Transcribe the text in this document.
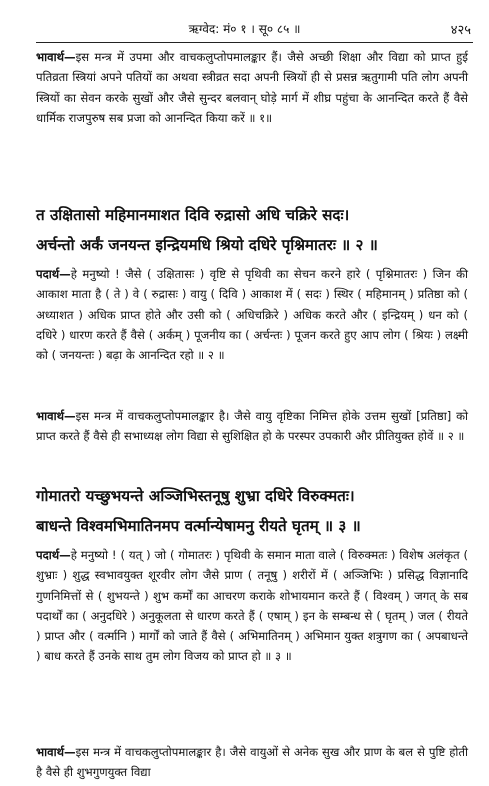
ऋग्वेद: मं० १ । सू० ८५ ॥	४२५
भावार्थ—इस मन्त्र में उपमा और वाचकलुप्तोपमालङ्कार हैं। जैसे अच्छी शिक्षा और विद्या को प्राप्त हुई पतिव्रता स्त्रियां अपने पतियों का अथवा स्त्रीव्रत सदा अपनी स्त्रियों ही से प्रसन्न ऋतुगामी पति लोग अपनी स्त्रियों का सेवन करके सुखों और जैसे सुन्दर बलवान् घोड़े मार्ग में शीघ्र पहुंचा के आनन्दित करते हैं वैसे धार्मिक राजपुरुष सब प्रजा को आनन्दित किया करें ॥ १॥
त उक्षितासो महिमानमाशत दिवि रुद्रासो अधि चक्रिरे सदः।
अर्चन्तो अर्कं जनयन्त इन्द्रियमधि श्रियो दधिरे पृश्निमातरः ॥ २ ॥
पदार्थ—हे मनुष्यो ! जैसे ( उक्षितासः ) वृष्टि से पृथिवी का सेचन करने हारे ( पृश्निमातरः ) जिन की आकाश माता है ( ते ) वे ( रुद्रासः ) वायु ( दिवि ) आकाश में ( सदः ) स्थिर ( महिमानम् ) प्रतिष्ठा को ( अध्याशत ) अधिक प्राप्त होते और उसी को ( अधिचक्रिरे ) अधिक करते और ( इन्द्रियम् ) धन को ( दधिरे ) धारण करते हैं वैसे ( अर्कम् ) पूजनीय का ( अर्चन्तः ) पूजन करते हुए आप लोग ( श्रियः ) लक्ष्मी को ( जनयन्तः ) बढ़ा के आनन्दित रहो ॥ २ ॥
भावार्थ—इस मन्त्र में वाचकलुप्तोपमालङ्कार है। जैसे वायु वृष्टिका निमित्त होके उत्तम सुखों [प्रतिष्ठा] को प्राप्त करते हैं वैसे ही सभाध्यक्ष लोग विद्या से सुशिक्षित हो के परस्पर उपकारी और प्रीतियुक्त होवें ॥ २ ॥
गोमातरो यच्छुभयन्ते अञ्जिभिस्तनूषु शुभ्रा दधिरे विरुक्मतः।
बाधन्ते विश्वमभिमातिनमप वर्त्मान्येषामनु रीयते घृतम् ॥ ३ ॥
पदार्थ—हे मनुष्यो ! ( यत् ) जो ( गोमातरः ) पृथिवी के समान माता वाले ( विरुक्मतः ) विशेष अलंकृत ( शुभ्राः ) शुद्ध स्वभावयुक्त शूरवीर लोग जैसे प्राण ( तनूषु ) शरीरों में ( अञ्जिभिः ) प्रसिद्ध विज्ञानादि गुणनिमित्तों से ( शुभयन्ते ) शुभ कर्मों का आचरण कराके शोभायमान करते हैं ( विश्वम् ) जगत् के सब पदार्थों का ( अनुदधिरे ) अनुकूलता से धारण करते हैं ( एषाम् ) इन के सम्बन्ध से ( घृतम् ) जल ( रीयते ) प्राप्त और ( वर्त्मानि ) मार्गों को जाते हैं वैसे ( अभिमातिनम् ) अभिमान युक्त शत्रुगण का ( अपबाधन्ते ) बाध करते हैं उनके साथ तुम लोग विजय को प्राप्त हो ॥ ३ ॥
भावार्थ—इस मन्त्र में वाचकलुप्तोपमालङ्कार है। जैसे वायुओं से अनेक सुख और प्राण के बल से पुष्टि होती है वैसे ही शुभगुणयुक्त विद्या
